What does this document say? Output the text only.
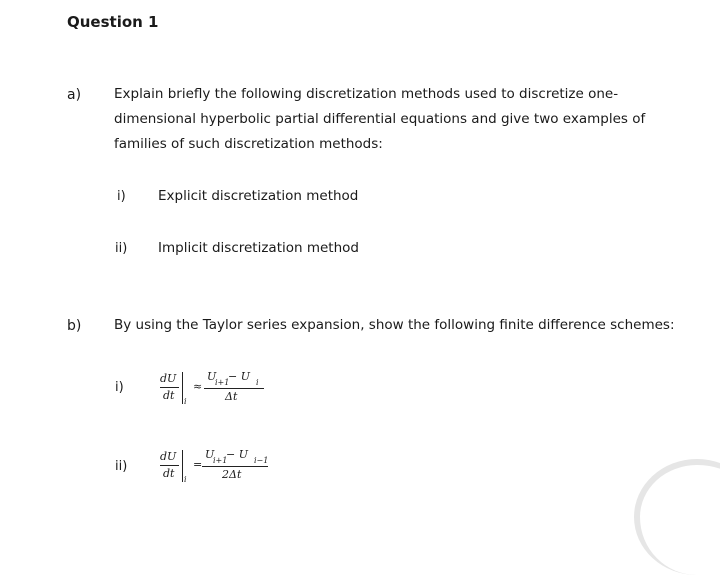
Question 1
a) Explain briefly the following discretization methods used to discretize one-
dimensional hyperbolic partial differential equations and give two examples of
families of such discretization methods:
i) Explicit discretization method
ii) Implicit discretization method
b) By using the Taylor series expansion, show the following finite difference schemes:
i)
dU
dt i
≈
U
i+1
− U i
Δt
ii)
dU
dt i
=
U
i+1
− U i−1
2Δt
